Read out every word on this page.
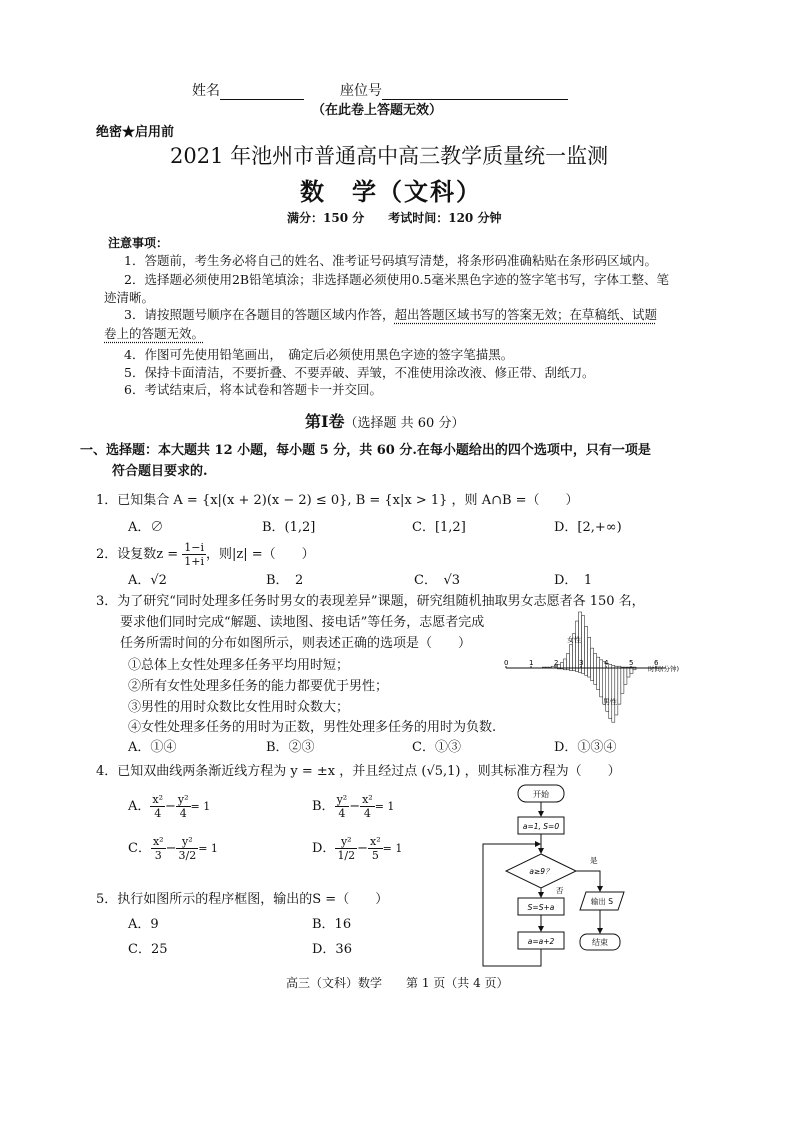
姓名	座位号
（在此卷上答题无效）
绝密★启用前
2021 年池州市普通高中高三教学质量统一监测
数　学（文科）
满分：150 分　　考试时间：120 分钟
注意事项：
1．答题前，考生务必将自己的姓名、准考证号码填写清楚，将条形码准确粘贴在条形码区域内。
2．选择题必须使用2B铅笔填涂；非选择题必须使用0.5毫米黑色字迹的签字笔书写，字体工整、笔
迹清晰。
3．请按照题号顺序在各题目的答题区域内作答，超出答题区域书写的答案无效；在草稿纸、试题
卷上的答题无效。
4．作图可先使用铅笔画出，　确定后必须使用黑色字迹的签字笔描黑。
5．保持卡面清洁，不要折叠、不要弄破、弄皱，不准使用涂改液、修正带、刮纸刀。
6．考试结束后，将本试卷和答题卡一并交回。
第Ⅰ卷（选择题 共 60 分）
一、选择题：本大题共 12 小题，每小题 5 分，共 60 分.在每小题给出的四个选项中，只有一项是
符合题目要求的.
1．已知集合 A = {x|(x + 2)(x − 2) ≤ 0}, B = {x|x > 1} ，则 A∩B =（　　）
A．∅	B．(1,2]	C．[1,2]	D．[2,+∞)
2．设复数$z = \frac{1-i}{1+i}$ ，则|z| =（　　）
A．√2	B．　2	C．　√3	D．　1
3．为了研究“同时处理多任务时男女的表现差异”课题，研究组随机抽取男女志愿者各 150 名，
要求他们同时完成“解题、读地图、接电话”等任务，志愿者完成
任务所需时间的分布如图所示，则表述正确的选项是（　　）
①总体上女性处理多任务平均用时短；
②所有女性处理多任务的能力都要优于男性；
③男性的用时众数比女性用时众数大；
④女性处理多任务的用时为正数，男性处理多任务的用时为负数.
A．①④	B．②③	C．①③	D．①③④
0	1	2	3	4	5	6
女性
男性
时间(分钟)
4．已知双曲线两条渐近线方程为 y = ±x ，并且经过点 (√5,1) ，则其标准方程为（　　）
A． $\frac{\text{x²}}{4} - \frac{\text{y²}}{4} = 1$	B． $\frac{\text{y²}}{4} - \frac{\text{x²}}{4} = 1$
C． $\frac{\text{x²}}{3} - \frac{\text{y²}}{3/2} = 1$	D． $\frac{\text{y²}}{1/2} - \frac{\text{x²}}{5} = 1$
5．执行如图所示的程序框图，输出的S =（　　）
A．9	B．16
C．25	D．36
开始
a=1, S=0
a≥9？
是
否
S=S+a
a=a+2
输出 S
结束
高三（文科）数学　　第 1 页（共 4 页）
